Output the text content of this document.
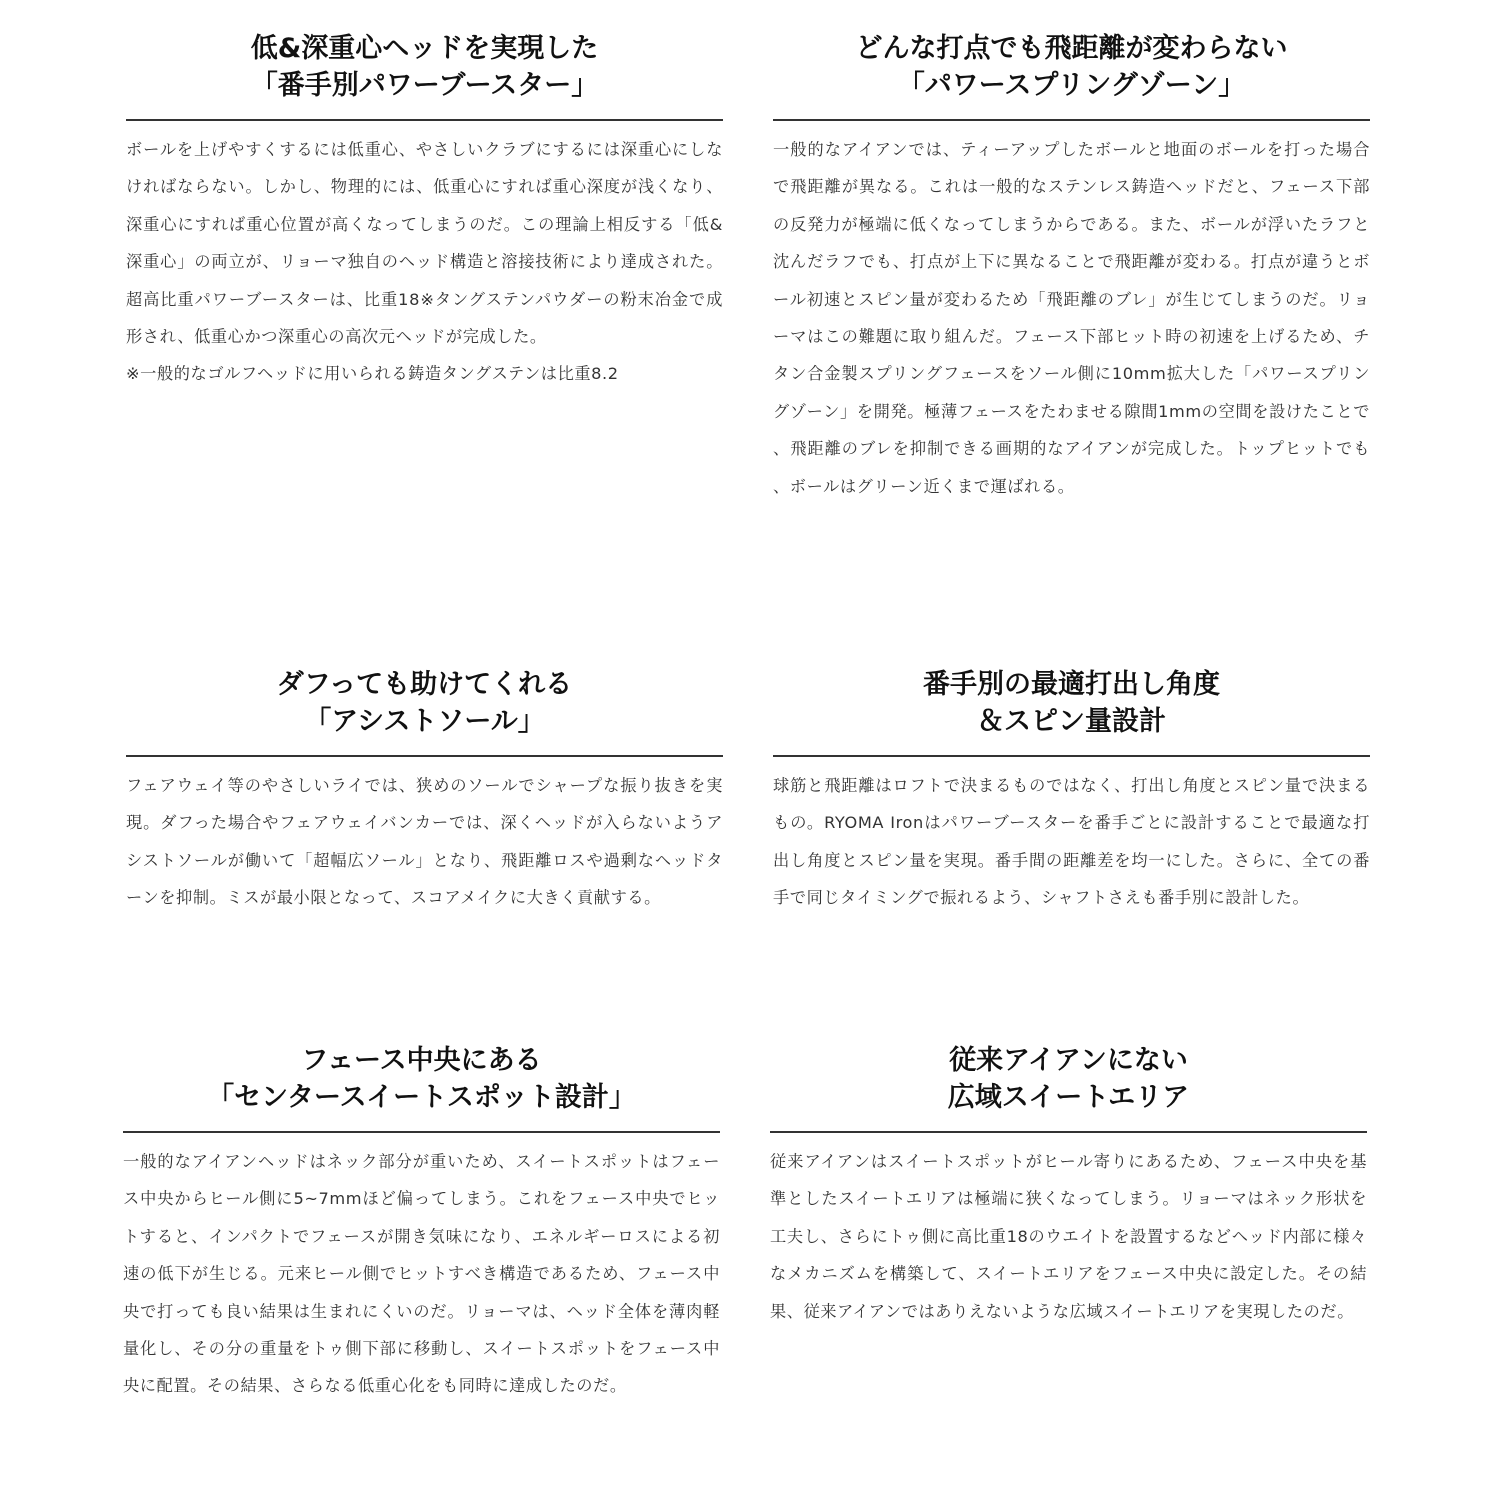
低&深重心ヘッドを実現した
「番手別パワーブースター」

ボールを上げやすくするには低重心、やさしいクラブにするには深重心にしなければならない。しかし、物理的には、低重心にすれば重心深度が浅くなり、深重心にすれば重心位置が高くなってしまうのだ。この理論上相反する「低&深重心」の両立が、リョーマ独自のヘッド構造と溶接技術により達成された。超高比重パワーブースターは、比重18※タングステンパウダーの粉末冶金で成形され、低重心かつ深重心の高次元ヘッドが完成した。

※一般的なゴルフヘッドに用いられる鋳造タングステンは比重8.2

どんな打点でも飛距離が変わらない
「パワースプリングゾーン」

一般的なアイアンでは、ティーアップしたボールと地面のボールを打った場合で飛距離が異なる。これは一般的なステンレス鋳造ヘッドだと、フェース下部の反発力が極端に低くなってしまうからである。また、ボールが浮いたラフと沈んだラフでも、打点が上下に異なることで飛距離が変わる。打点が違うとボール初速とスピン量が変わるため「飛距離のブレ」が生じてしまうのだ。リョーマはこの難題に取り組んだ。フェース下部ヒット時の初速を上げるため、チタン合金製スプリングフェースをソール側に10mm拡大した「パワースプリングゾーン」を開発。極薄フェースをたわませる隙間1mmの空間を設けたことで、飛距離のブレを抑制できる画期的なアイアンが完成した。トップヒットでも、ボールはグリーン近くまで運ばれる。

ダフっても助けてくれる
「アシストソール」

フェアウェイ等のやさしいライでは、狭めのソールでシャープな振り抜きを実現。ダフった場合やフェアウェイバンカーでは、深くヘッドが入らないようアシストソールが働いて「超幅広ソール」となり、飛距離ロスや過剰なヘッドターンを抑制。ミスが最小限となって、スコアメイクに大きく貢献する。

番手別の最適打出し角度
＆スピン量設計

球筋と飛距離はロフトで決まるものではなく、打出し角度とスピン量で決まるもの。RYOMA Ironはパワーブースターを番手ごとに設計することで最適な打出し角度とスピン量を実現。番手間の距離差を均一にした。さらに、全ての番手で同じタイミングで振れるよう、シャフトさえも番手別に設計した。

フェース中央にある
「センタースイートスポット設計」

一般的なアイアンヘッドはネック部分が重いため、スイートスポットはフェース中央からヒール側に5~7mmほど偏ってしまう。これをフェース中央でヒットすると、インパクトでフェースが開き気味になり、エネルギーロスによる初速の低下が生じる。元来ヒール側でヒットすべき構造であるため、フェース中央で打っても良い結果は生まれにくいのだ。リョーマは、ヘッド全体を薄肉軽量化し、その分の重量をトゥ側下部に移動し、スイートスポットをフェース中央に配置。その結果、さらなる低重心化をも同時に達成したのだ。

従来アイアンにない
広域スイートエリア

従来アイアンはスイートスポットがヒール寄りにあるため、フェース中央を基準としたスイートエリアは極端に狭くなってしまう。リョーマはネック形状を工夫し、さらにトゥ側に高比重18のウエイトを設置するなどヘッド内部に様々なメカニズムを構築して、スイートエリアをフェース中央に設定した。その結果、従来アイアンではありえないような広域スイートエリアを実現したのだ。
